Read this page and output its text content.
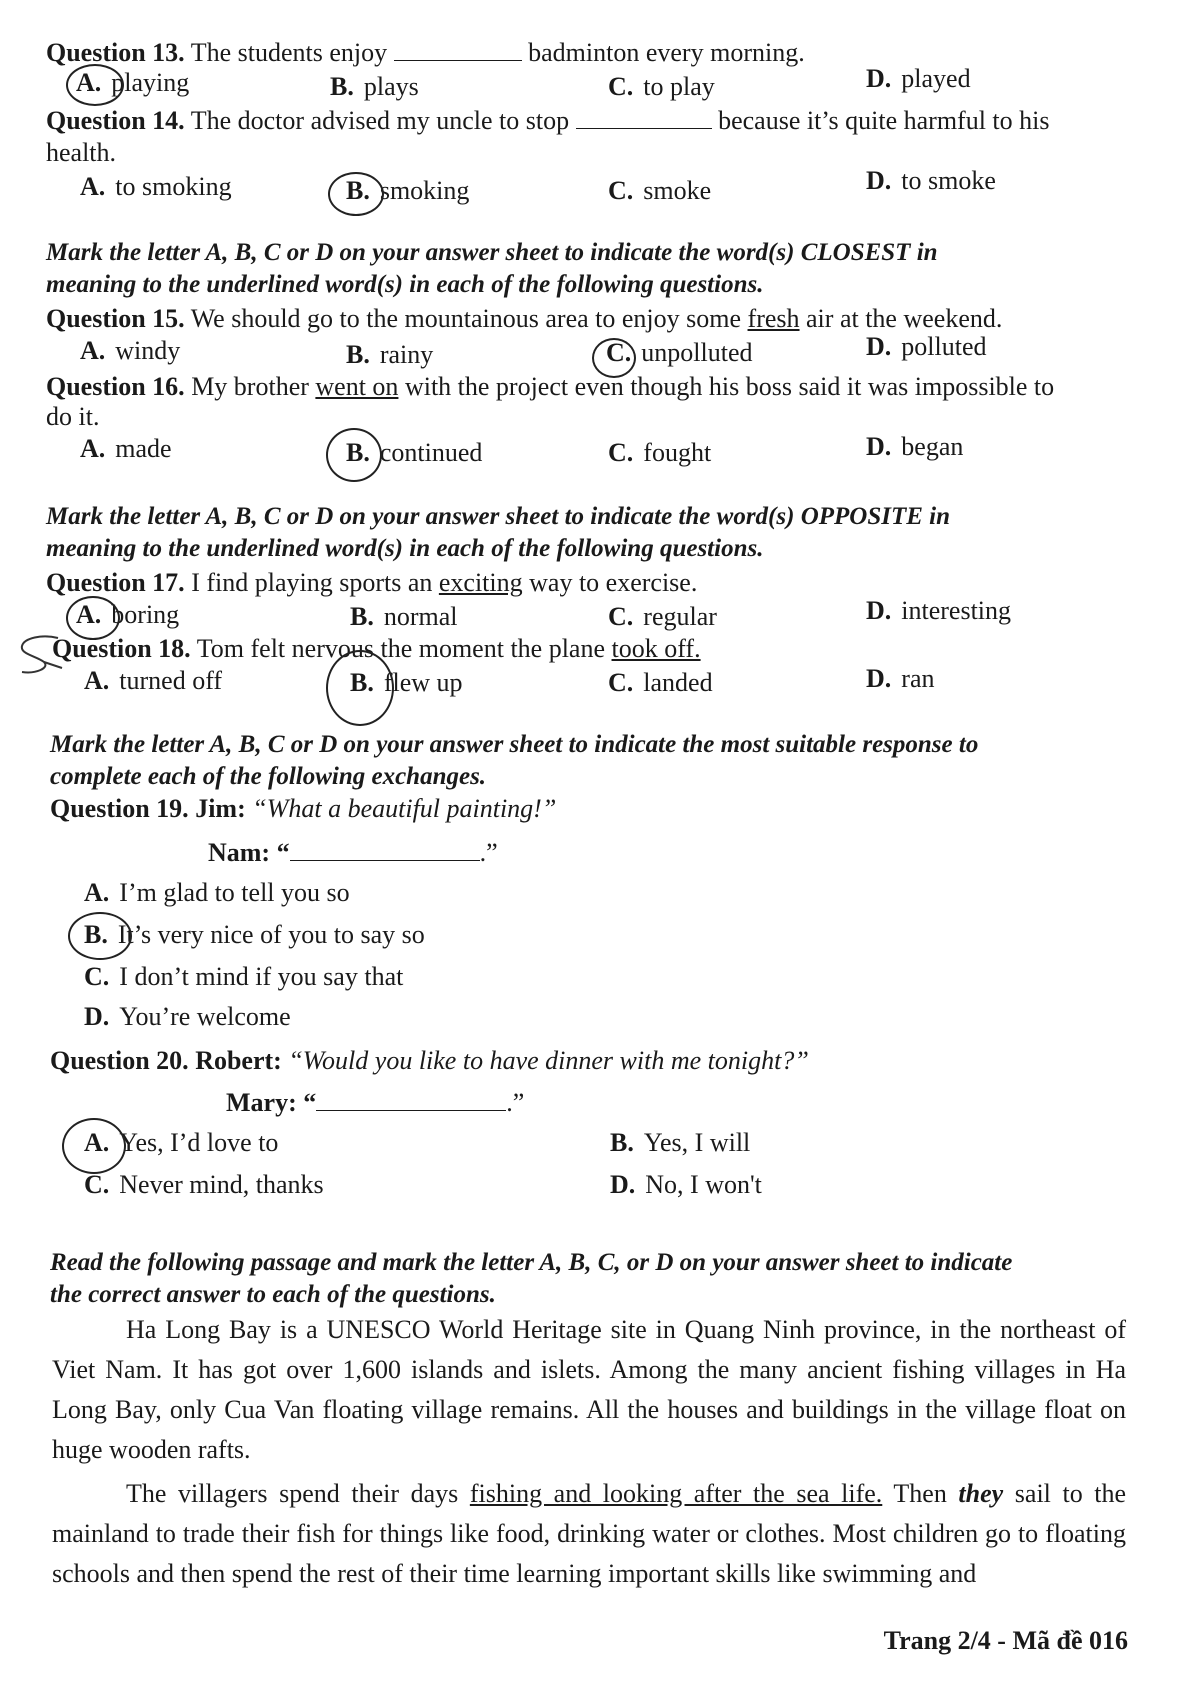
Question 13. The students enjoy	badminton every morning.
A. playing	B. plays	C. to play	D. played
Question 14. The doctor advised my uncle to stop	because it’s quite harmful to his
health.
A. to smoking	B. smoking	C. smoke	D. to smoke
Mark the letter A, B, C or D on your answer sheet to indicate the word(s) CLOSEST in
meaning to the underlined word(s) in each of the following questions.
Question 15. We should go to the mountainous area to enjoy some fresh air at the weekend.
A. windy	B. rainy	C. unpolluted	D. polluted
Question 16. My brother went on with the project even though his boss said it was impossible to
do it.
A. made	B. continued	C. fought	D. began
Mark the letter A, B, C or D on your answer sheet to indicate the word(s) OPPOSITE in
meaning to the underlined word(s) in each of the following questions.
Question 17. I find playing sports an exciting way to exercise.
A. boring	B. normal	C. regular	D. interesting
Question 18. Tom felt nervous the moment the plane took off.
A. turned off	B. flew up	C. landed	D. ran
Mark the letter A, B, C or D on your answer sheet to indicate the most suitable response to
complete each of the following exchanges.
Question 19. Jim: “What a beautiful painting!”
Nam: “	.”
A. I’m glad to tell you so
B. It’s very nice of you to say so
C. I don’t mind if you say that
D. You’re welcome
Question 20. Robert: “Would you like to have dinner with me tonight?”
Mary: “	.”
A. Yes, I’d love to	B. Yes, I will
C. Never mind, thanks	D. No, I won't
Read the following passage and mark the letter A, B, C, or D on your answer sheet to indicate
the correct answer to each of the questions.

Ha Long Bay is a UNESCO World Heritage site in Quang Ninh province, in the northeast of Viet Nam. It has got over 1,600 islands and islets. Among the many ancient fishing villages in Ha Long Bay, only Cua Van floating village remains. All the houses and buildings in the village float on huge wooden rafts.

The villagers spend their days fishing and looking after the sea life. Then they sail to the mainland to trade their fish for things like food, drinking water or clothes. Most children go to floating schools and then spend the rest of their time learning important skills like swimming and

Trang 2/4 - Mã đề 016
